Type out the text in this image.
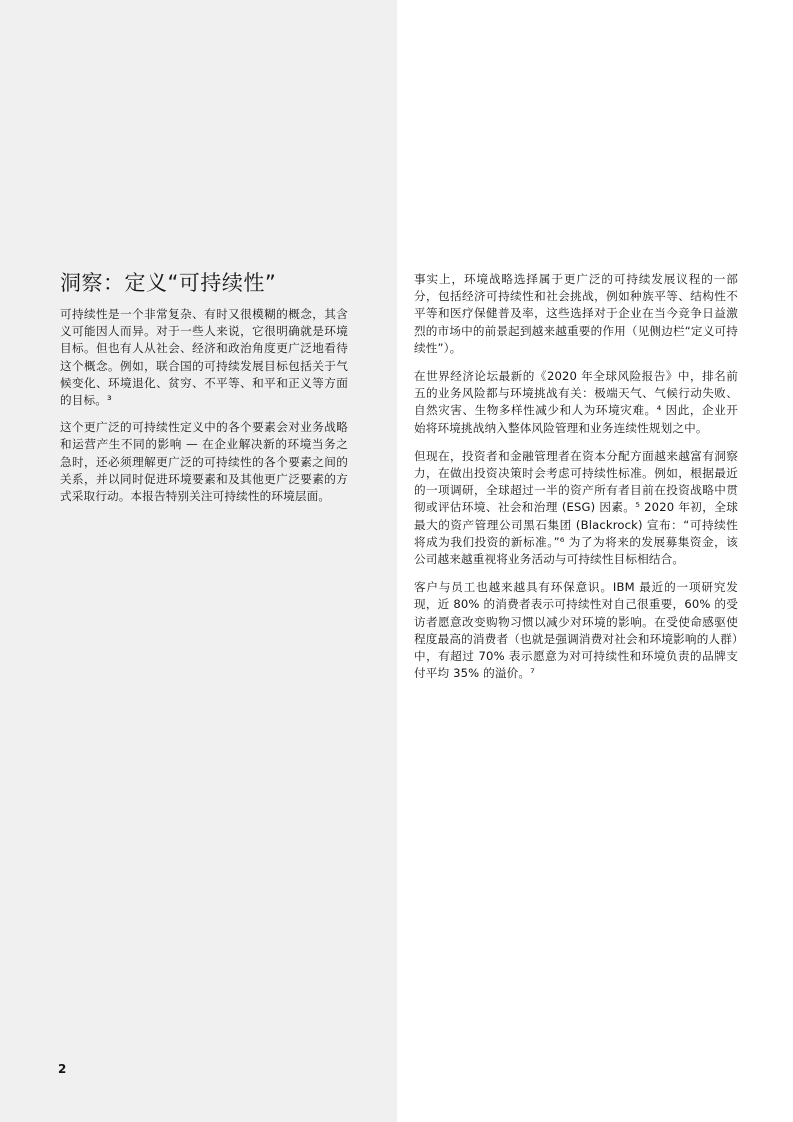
洞察：定义“可持续性”

可持续性是一个非常复杂、有时又很模糊的概念，其含义可能因人而异。对于一些人来说，它很明确就是环境目标。但也有人从社会、经济和政治角度更广泛地看待这个概念。例如，联合国的可持续发展目标包括关于气候变化、环境退化、贫穷、不平等、和平和正义等方面的目标。³

这个更广泛的可持续性定义中的各个要素会对业务战略和运营产生不同的影响 — 在企业解决新的环境当务之急时，还必须理解更广泛的可持续性的各个要素之间的关系，并以同时促进环境要素和及其他更广泛要素的方式采取行动。本报告特别关注可持续性的环境层面。

事实上，环境战略选择属于更广泛的可持续发展议程的一部分，包括经济可持续性和社会挑战，例如种族平等、结构性不平等和医疗保健普及率，这些选择对于企业在当今竞争日益激烈的市场中的前景起到越来越重要的作用（见侧边栏“定义可持续性”）。

在世界经济论坛最新的《2020 年全球风险报告》中，排名前五的业务风险都与环境挑战有关：极端天气、气候行动失败、自然灾害、生物多样性减少和人为环境灾难。⁴ 因此，企业开始将环境挑战纳入整体风险管理和业务连续性规划之中。

但现在，投资者和金融管理者在资本分配方面越来越富有洞察力，在做出投资决策时会考虑可持续性标准。例如，根据最近的一项调研，全球超过一半的资产所有者目前在投资战略中贯彻或评估环境、社会和治理 (ESG) 因素。⁵ 2020 年初，全球最大的资产管理公司黑石集团 (Blackrock) 宣布：“可持续性将成为我们投资的新标准。”⁶ 为了为将来的发展募集资金，该公司越来越重视将业务活动与可持续性目标相结合。

客户与员工也越来越具有环保意识。IBM 最近的一项研究发现，近 80% 的消费者表示可持续性对自己很重要，60% 的受访者愿意改变购物习惯以减少对环境的影响。在受使命感驱使程度最高的消费者（也就是强调消费对社会和环境影响的人群）中，有超过 70% 表示愿意为对可持续性和环境负责的品牌支付平均 35% 的溢价。⁷

2
